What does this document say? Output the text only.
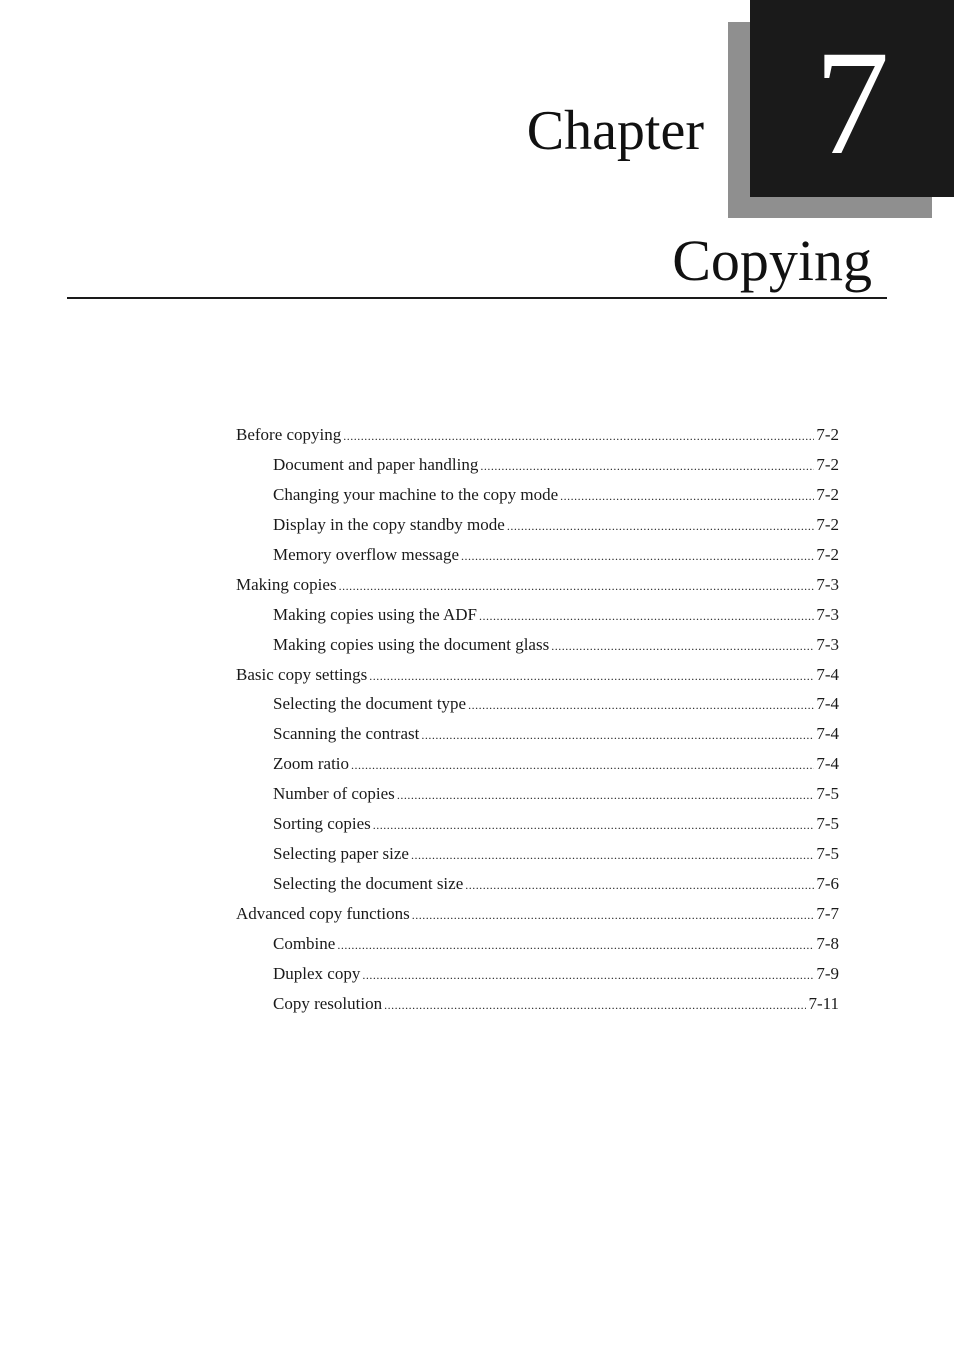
7
Chapter
Copying
Before copying .....	7-2
Document and paper handling .....	7-2
Changing your machine to the copy mode .....	7-2
Display in the copy standby mode .....	7-2
Memory overflow message .....	7-2
Making copies .....	7-3
Making copies using the ADF .....	7-3
Making copies using the document glass .....	7-3
Basic copy settings .....	7-4
Selecting the document type .....	7-4
Scanning the contrast .....	7-4
Zoom ratio .....	7-4
Number of copies .....	7-5
Sorting copies .....	7-5
Selecting paper size .....	7-5
Selecting the document size .....	7-6
Advanced copy functions .....	7-7
Combine .....	7-8
Duplex copy .....	7-9
Copy resolution .....	7-11
